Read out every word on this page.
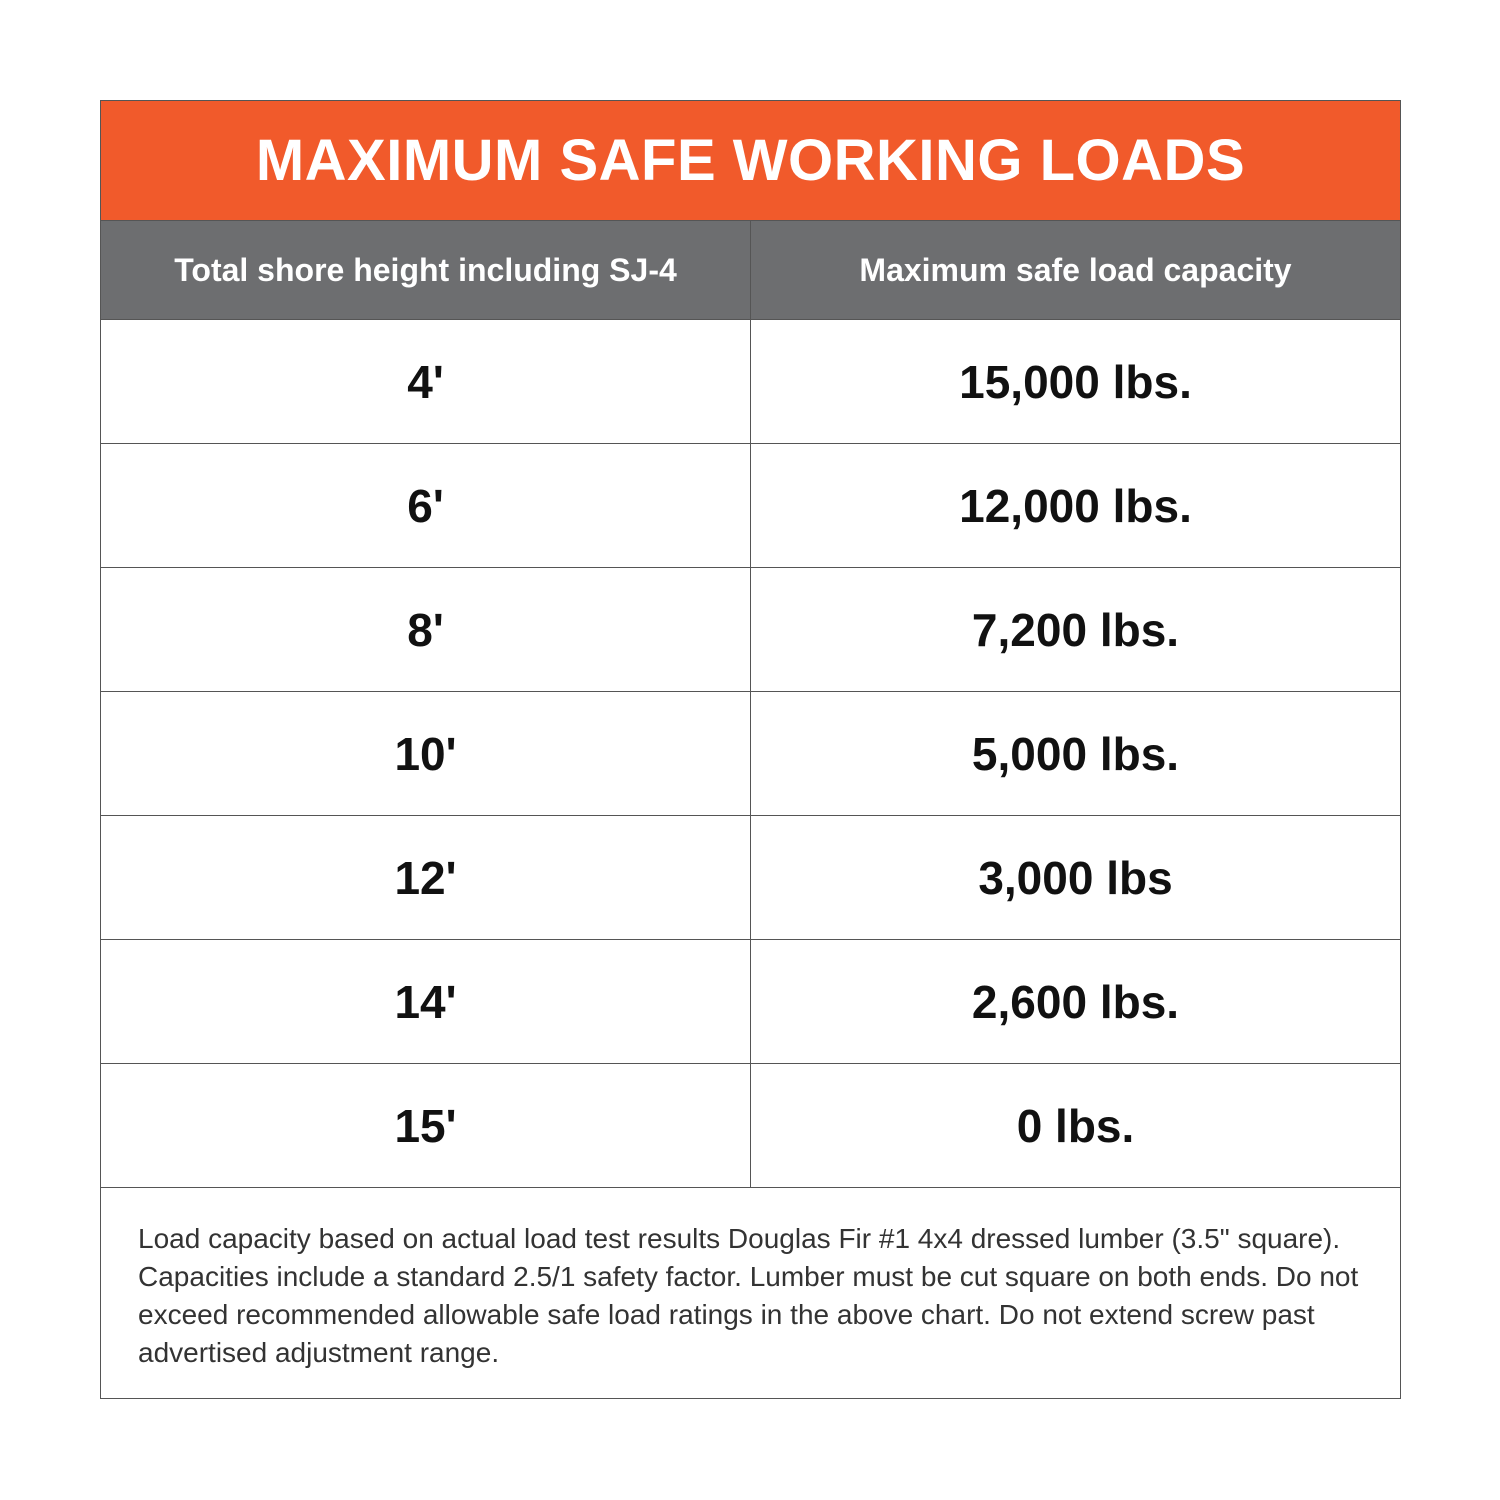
MAXIMUM SAFE WORKING LOADS
Total shore height including SJ-4	Maximum safe load capacity
4'	15,000 lbs.
6'	12,000 lbs.
8'	7,200 lbs.
10'	5,000 lbs.
12'	3,000 lbs
14'	2,600 lbs.
15'	0 lbs.
Load capacity based on actual load test results Douglas Fir #1 4x4 dressed lumber (3.5" square). Capacities include a standard 2.5/1 safety factor. Lumber must be cut square on both ends. Do not exceed recommended allowable safe load ratings in the above chart. Do not extend screw past advertised adjustment range.
